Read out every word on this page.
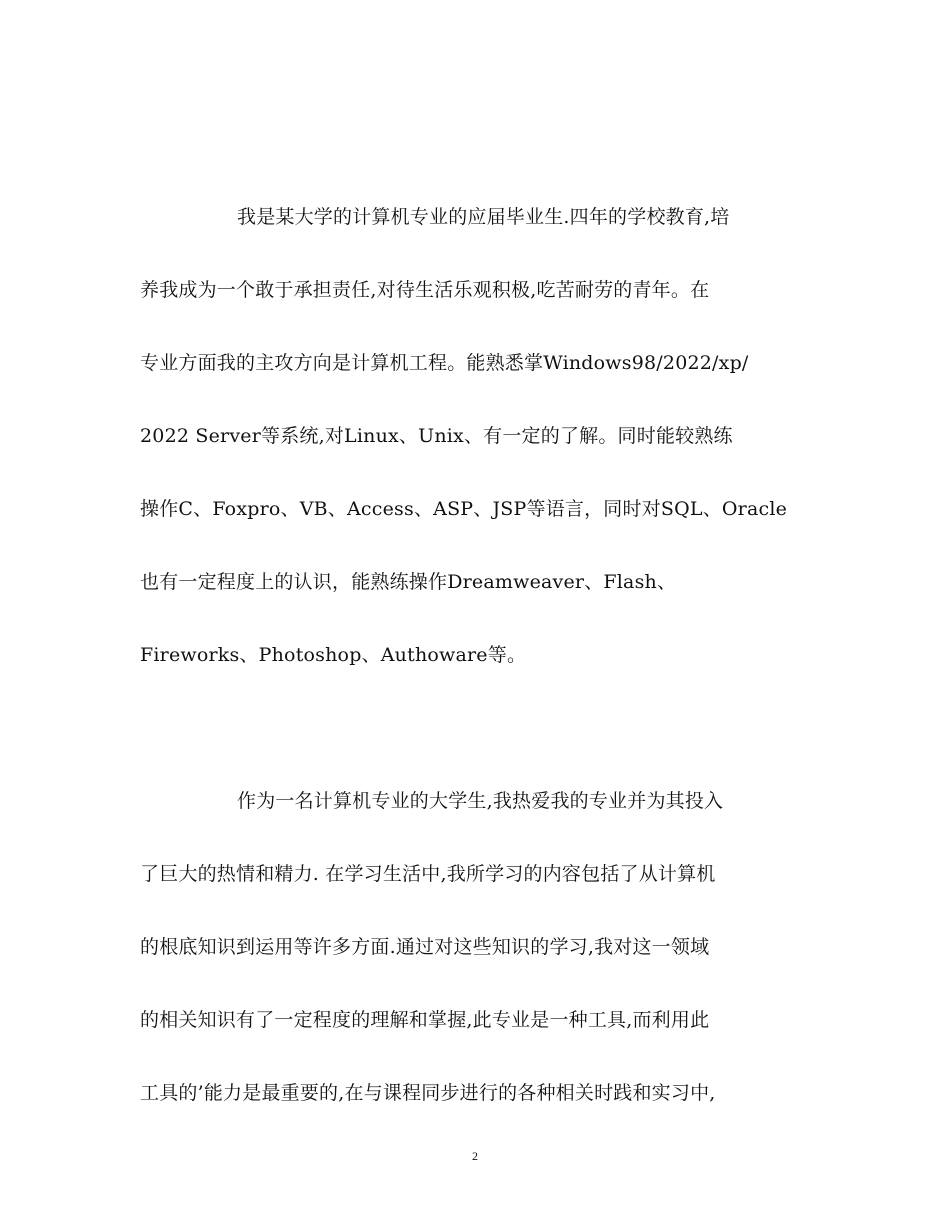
我是某大学的计算机专业的应届毕业生.四年的学校教育,培
养我成为一个敢于承担责任,对待生活乐观积极,吃苦耐劳的青年。在
专业方面我的主攻方向是计算机工程。能熟悉掌Windows98/2022/xp/
2022 Server等系统,对Linux、Unix、有一定的了解。同时能较熟练
操作C、Foxpro、VB、Access、ASP、JSP等语言，同时对SQL、Oracle
也有一定程度上的认识，能熟练操作Dreamweaver、Flash、
Fireworks、Photoshop、Authoware等。
作为一名计算机专业的大学生,我热爱我的专业并为其投入
了巨大的热情和精力. 在学习生活中,我所学习的内容包括了从计算机
的根底知识到运用等许多方面.通过对这些知识的学习,我对这一领域
的相关知识有了一定程度的理解和掌握,此专业是一种工具,而利用此
工具的’能力是最重要的,在与课程同步进行的各种相关时践和实习中,
2
